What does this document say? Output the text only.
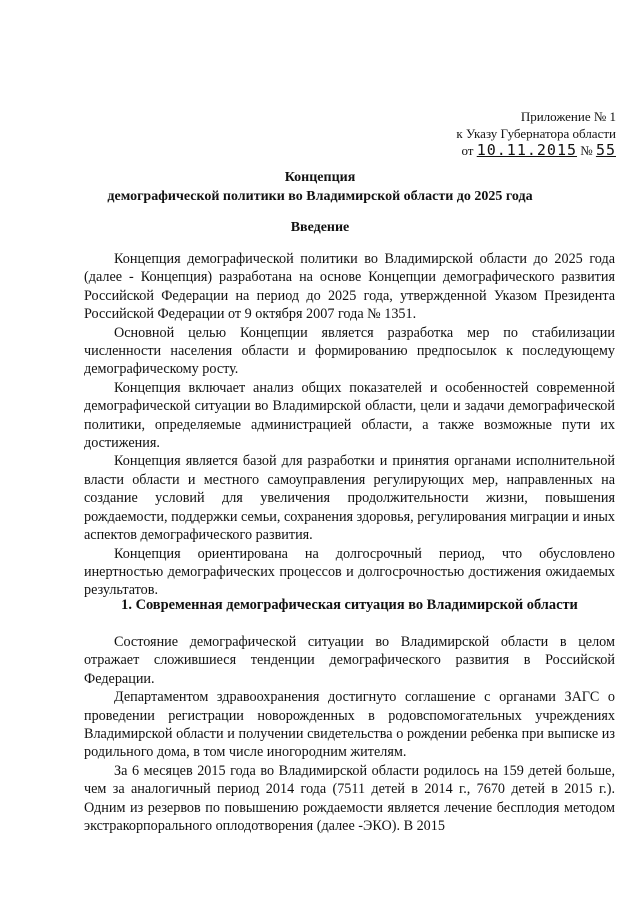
Приложение № 1
к Указу Губернатора области
от 10.11.2015 № 55
Концепция
демографической политики во Владимирской области до 2025 года
Введение

Концепция демографической политики во Владимирской области до 2025 года (далее - Концепция) разработана на основе Концепции демографического развития Российской Федерации на период до 2025 года, утвержденной Указом Президента Российской Федерации от 9 октября 2007 года № 1351.

Основной целью Концепции является разработка мер по стабилизации численности населения области и формированию предпосылок к последующему демографическому росту.

Концепция включает анализ общих показателей и особенностей современной демографической ситуации во Владимирской области, цели и задачи демографической политики, определяемые администрацией области, а также возможные пути их достижения.

Концепция является базой для разработки и принятия органами исполнительной власти области и местного самоуправления регулирующих мер, направленных на создание условий для увеличения продолжительности жизни, повышения рождаемости, поддержки семьи, сохранения здоровья, регулирования миграции и иных аспектов демографического развития.

Концепция ориентирована на долгосрочный период, что обусловлено инертностью демографических процессов и долгосрочностью достижения ожидаемых результатов.

1. Современная демографическая ситуация во Владимирской области

Состояние демографической ситуации во Владимирской области в целом отражает сложившиеся тенденции демографического развития в Российской Федерации.

Департаментом здравоохранения достигнуто соглашение с органами ЗАГС о проведении регистрации новорожденных в родовспомогательных учреждениях Владимирской области и получении свидетельства о рождении ребенка при выписке из родильного дома, в том числе иногородним жителям.

За 6 месяцев 2015 года во Владимирской области родилось на 159 детей больше, чем за аналогичный период 2014 года (7511 детей в 2014 г., 7670 детей в 2015 г.). Одним из резервов по повышению рождаемости является лечение бесплодия методом экстракорпорального оплодотворения (далее -ЭКО). В 2015
